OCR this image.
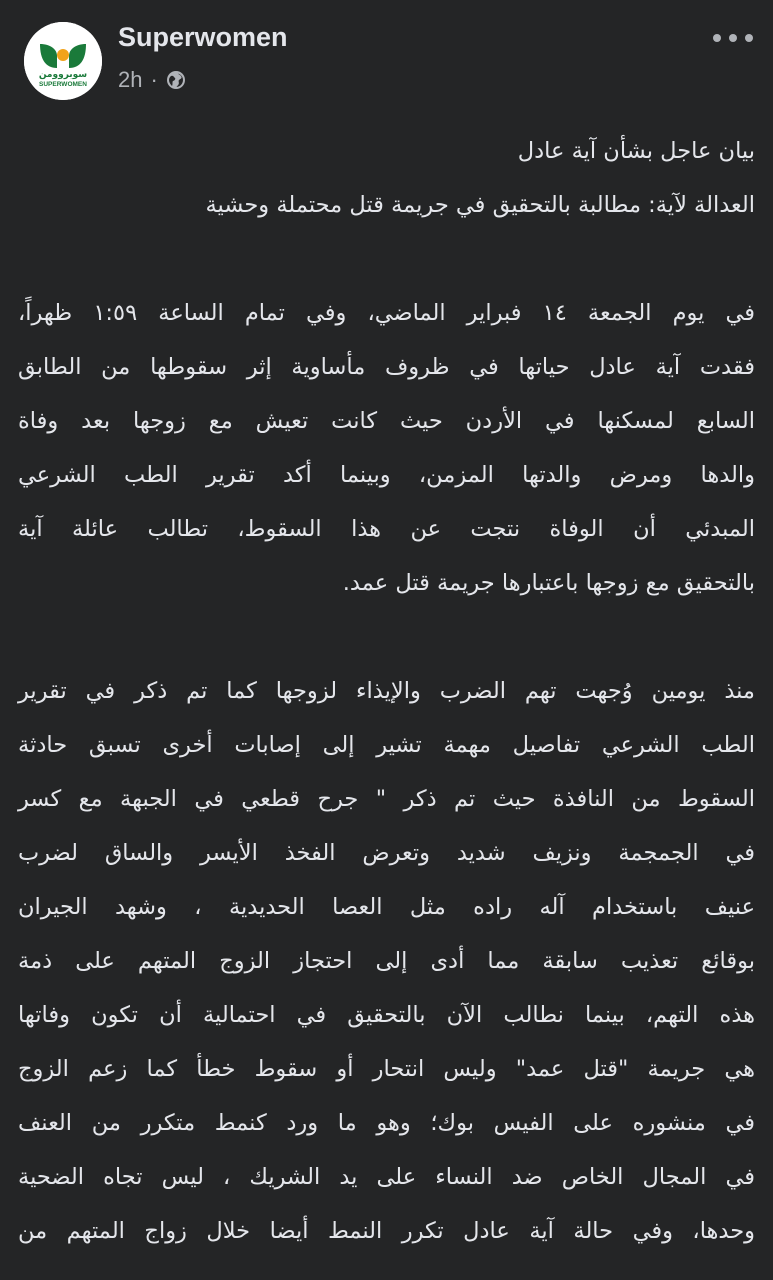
سوبروومن
SUPERWOMEN
Superwomen
2h ·
بيان عاجل بشأن آية عادل
العدالة لآية: مطالبة بالتحقيق في جريمة قتل محتملة وحشية
في يوم الجمعة ١٤ فبراير الماضي، وفي تمام الساعة ١:٥٩ ظهراً،
فقدت آية عادل حياتها في ظروف مأساوية إثر سقوطها من الطابق
السابع لمسكنها في الأردن حيث كانت تعيش مع زوجها بعد وفاة
والدها ومرض والدتها المزمن، وبينما أكد تقرير الطب الشرعي
المبدئي أن الوفاة نتجت عن هذا السقوط، تطالب عائلة آية
بالتحقيق مع زوجها باعتبارها جريمة قتل عمد.
منذ يومين وُجهت تهم الضرب والإيذاء لزوجها كما تم ذكر في تقرير
الطب الشرعي تفاصيل مهمة تشير إلى إصابات أخرى تسبق حادثة
السقوط من النافذة حيث تم ذكر " جرح قطعي في الجبهة مع كسر
في الجمجمة ونزيف شديد وتعرض الفخذ الأيسر والساق لضرب
عنيف باستخدام آله راده مثل العصا الحديدية ، وشهد الجيران
بوقائع تعذيب سابقة مما أدى إلى احتجاز الزوج المتهم على ذمة
هذه التهم، بينما نطالب الآن بالتحقيق في احتمالية أن تكون وفاتها
هي جريمة "قتل عمد" وليس انتحار أو سقوط خطأ كما زعم الزوج
في منشوره على الفيس بوك؛ وهو ما ورد كنمط متكرر من العنف
في المجال الخاص ضد النساء على يد الشريك ، ليس تجاه الضحية
وحدها، وفي حالة آية عادل تكرر النمط أيضا خلال زواج المتهم من
